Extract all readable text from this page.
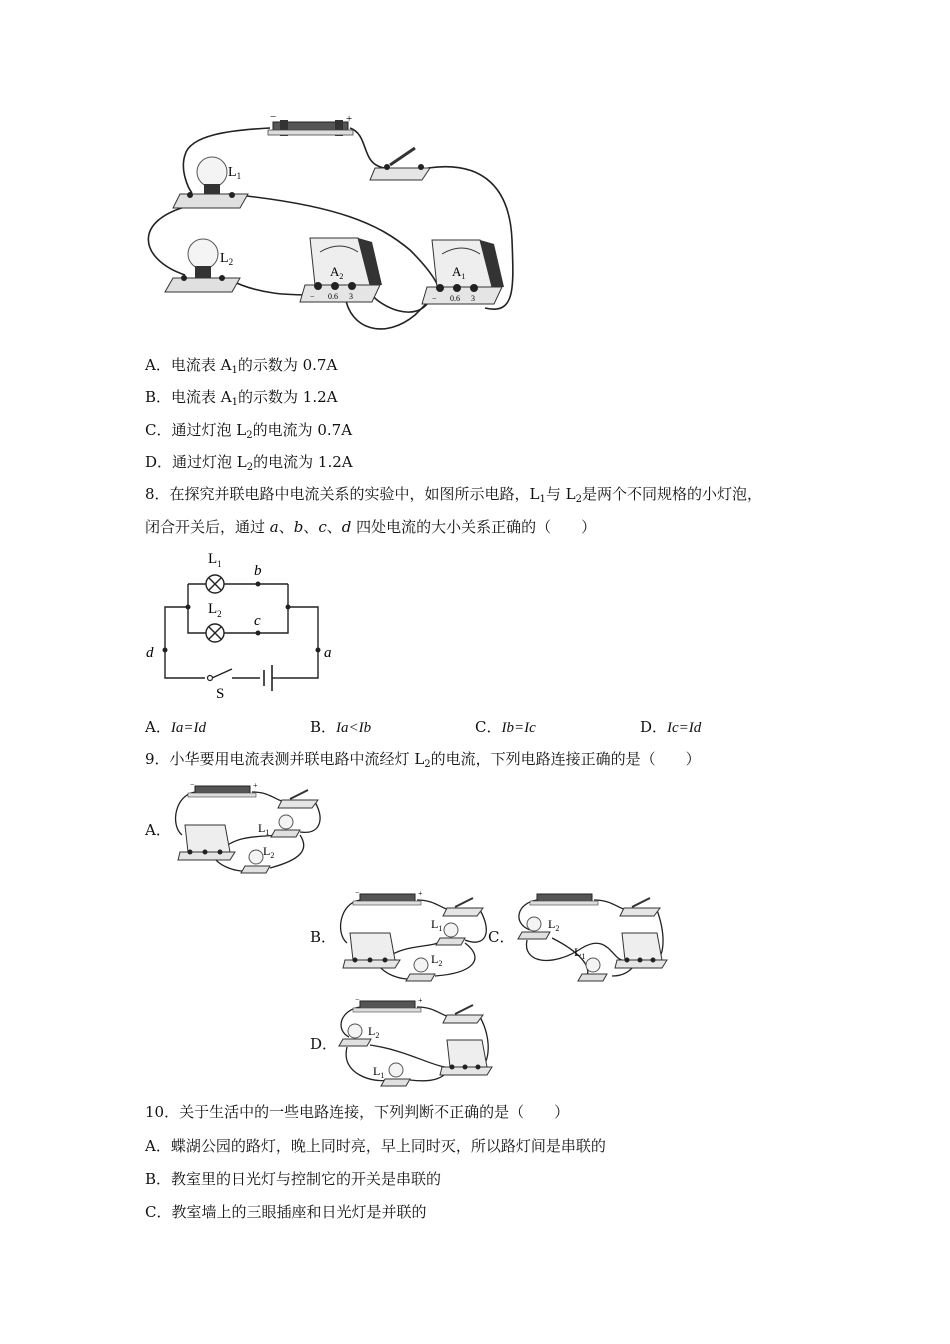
−	+
$L_1$
$L_2$
$A_2$
− 0.6 3
$A_1$
− 0.6 3
A．电流表 $A_1$的示数为 0.7A
B．电流表 $A_1$的示数为 1.2A
C．通过灯泡 $L_2$的电流为 0.7A
D．通过灯泡 $L_2$的电流为 1.2A
8．在探究并联电路中电流关系的实验中，如图所示电路，$L_1$与 $L_2$是两个不同规格的小灯泡，
闭合开关后，通过 a、b、c、d 四处电流的大小关系正确的（　　）
$L_1$
$L_2$
b
c
d	a
S
A．Ia=Id	B．Ia<Ib	C．Ib=Ic	D．Ic=Id
9．小华要用电流表测并联电路中流经灯 $L_2$的电流，下列电路连接正确的是（　　）
A．
−	+
$L_1$
$L_2$
B．
−	+
$L_1$
$L_2$
C．
$L_2$
$L_1$
D．
−	+
$L_2$
$L_1$
10．关于生活中的一些电路连接，下列判断不正确的是（　　）
A．蝶湖公园的路灯，晚上同时亮，早上同时灭，所以路灯间是串联的
B．教室里的日光灯与控制它的开关是串联的
C．教室墙上的三眼插座和日光灯是并联的
